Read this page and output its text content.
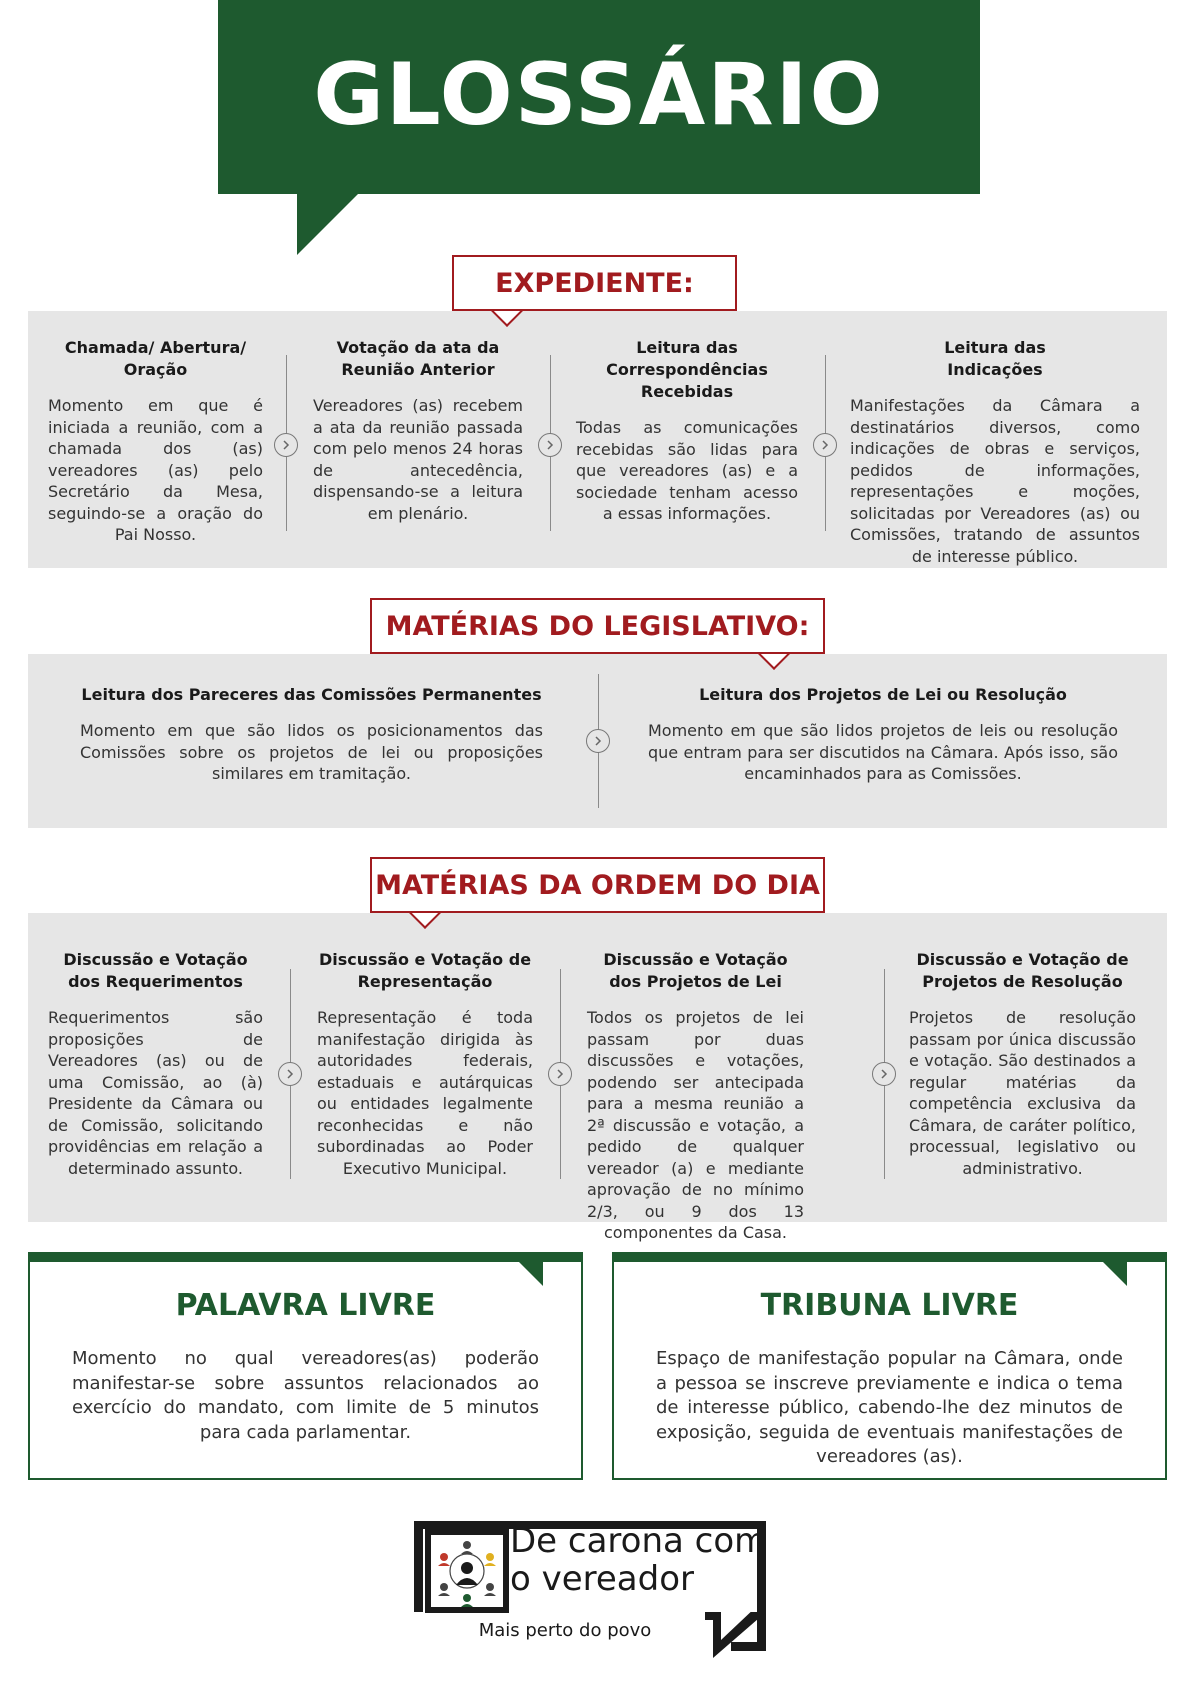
GLOSSÁRIO
EXPEDIENTE:
Chamada/ Abertura/ Oração
Momento em que é iniciada a reunião, com a chamada dos (as) vereadores (as) pelo Secretário da Mesa, seguindo-se a oração do Pai Nosso.
Votação da ata da Reunião Anterior
Vereadores (as) recebem a ata da reunião passada com pelo menos 24 horas de antecedência, dispensando-se a leitura em plenário.
Leitura das Correspondências Recebidas
Todas as comunicações recebidas são lidas para que vereadores (as) e a sociedade tenham acesso a essas informações.
Leitura das Indicações
Manifestações da Câmara a destinatários diversos, como indicações de obras e serviços, pedidos de informações, representações e moções, solicitadas por Vereadores (as) ou Comissões, tratando de assuntos de interesse público.
MATÉRIAS DO LEGISLATIVO:
Leitura dos Pareceres das Comissões Permanentes
Momento em que são lidos os posicionamentos das Comissões sobre os projetos de lei ou proposições similares em tramitação.
Leitura dos Projetos de Lei ou Resolução
Momento em que são lidos projetos de leis ou resolução que entram para ser discutidos na Câmara. Após isso, são encaminhados para as Comissões.
MATÉRIAS DA ORDEM DO DIA
Discussão e Votação dos Requerimentos
Requerimentos são proposições de Vereadores (as) ou de uma Comissão, ao (à) Presidente da Câmara ou de Comissão, solicitando providências em relação a determinado assunto.
Discussão e Votação de Representação
Representação é toda manifestação dirigida às autoridades federais, estaduais e autárquicas ou entidades legalmente reconhecidas e não subordinadas ao Poder Executivo Municipal.
Discussão e Votação dos Projetos de Lei
Todos os projetos de lei passam por duas discussões e votações, podendo ser antecipada para a mesma reunião a 2ª discussão e votação, a pedido de qualquer vereador (a) e mediante aprovação de no mínimo 2/3, ou 9 dos 13 componentes da Casa.
Discussão e Votação de Projetos de Resolução
Projetos de resolução passam por única discussão e votação. São destinados a regular matérias da competência exclusiva da Câmara, de caráter político, processual, legislativo ou administrativo.
PALAVRA LIVRE
Momento no qual vereadores(as) poderão manifestar-se sobre assuntos relacionados ao exercício do mandato, com limite de 5 minutos para cada parlamentar.
TRIBUNA LIVRE
Espaço de manifestação popular na Câmara, onde a pessoa se inscreve previamente e indica o tema de interesse público, cabendo-lhe dez minutos de exposição, seguida de eventuais manifestações de vereadores (as).
De carona com
o vereador
Mais perto do povo
